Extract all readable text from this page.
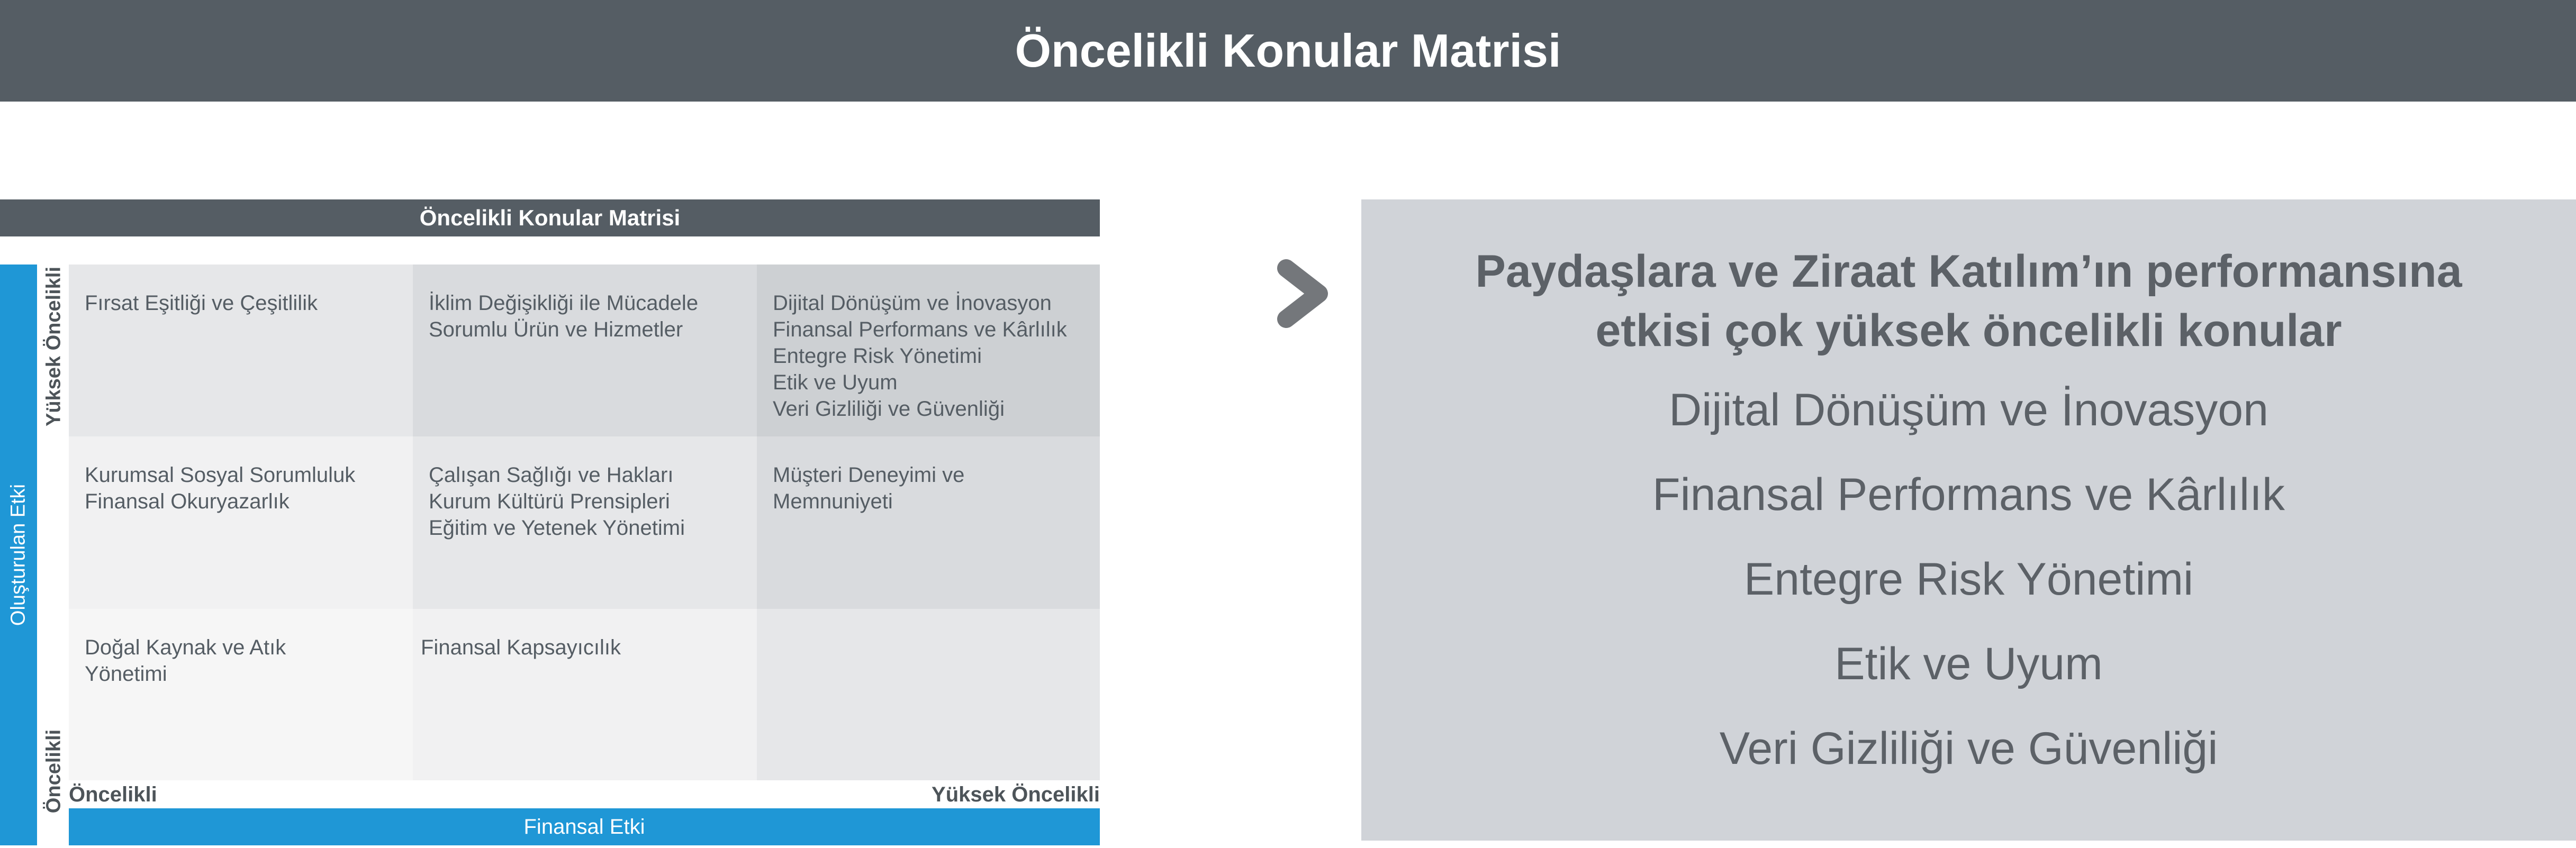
Öncelikli Konular Matrisi
Öncelikli Konular Matrisi
Oluşturulan Etki
Yüksek Öncelikli
Öncelikli
Fırsat Eşitliği ve Çeşitlilik	İklim Değişikliği ile Mücadele
Sorumlu Ürün ve Hizmetler
Dijital Dönüşüm ve İnovasyon
Finansal Performans ve Kârlılık
Entegre Risk Yönetimi
Etik ve Uyum
Veri Gizliliği ve Güvenliği
Kurumsal Sosyal Sorumluluk
Finansal Okuryazarlık
Çalışan Sağlığı ve Hakları
Kurum Kültürü Prensipleri
Eğitim ve Yetenek Yönetimi
Müşteri Deneyimi ve
Memnuniyeti
Doğal Kaynak ve Atık
Yönetimi
Finansal Kapsayıcılık
Öncelikli	Yüksek Öncelikli
Finansal Etki
Paydaşlara ve Ziraat Katılım’ın performansına
etkisi çok yüksek öncelikli konular
Dijital Dönüşüm ve İnovasyon
Finansal Performans ve Kârlılık
Entegre Risk Yönetimi
Etik ve Uyum
Veri Gizliliği ve Güvenliği
